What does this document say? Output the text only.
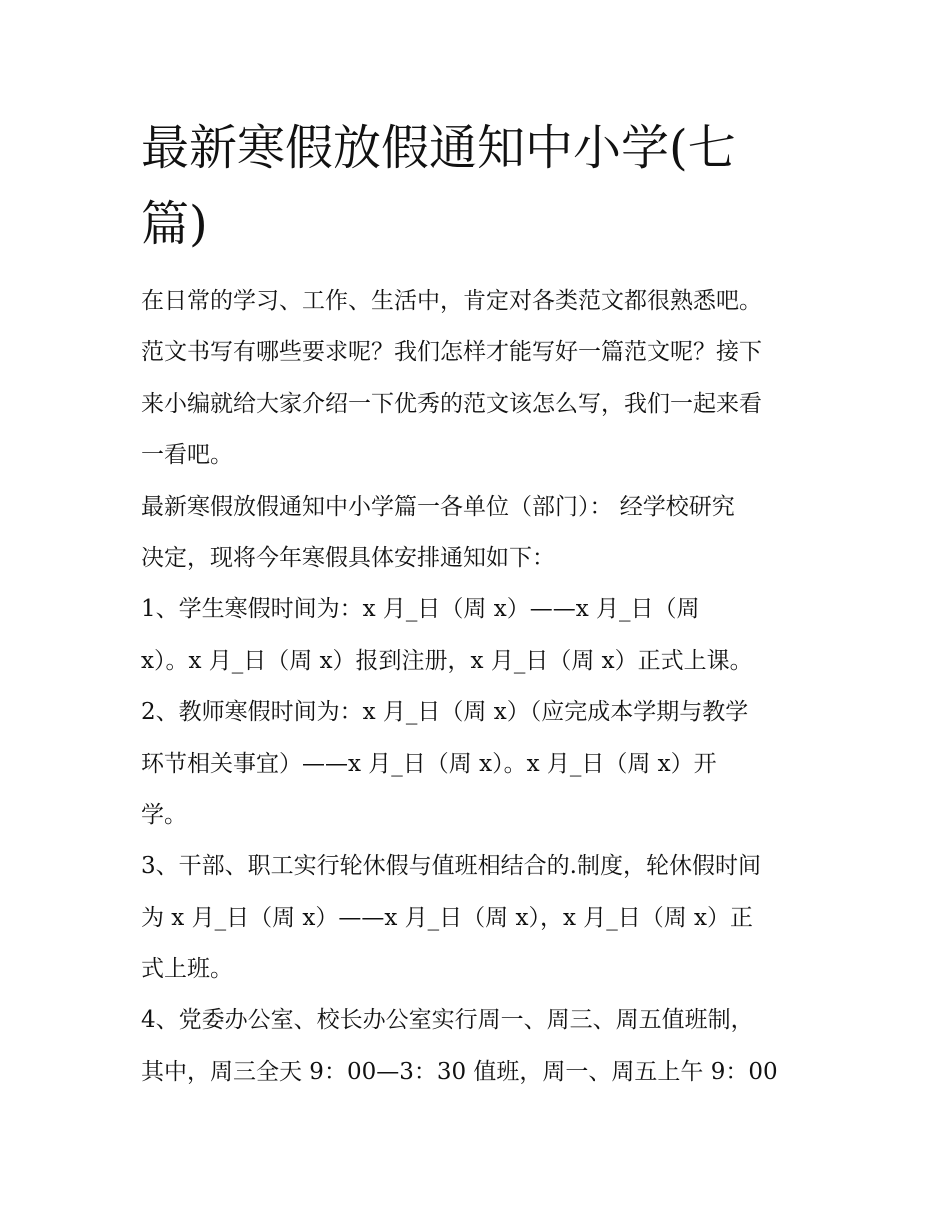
最新寒假放假通知中小学(七
篇)
在日常的学习、工作、生活中，肯定对各类范文都很熟悉吧。
范文书写有哪些要求呢？我们怎样才能写好一篇范文呢？接下
来小编就给大家介绍一下优秀的范文该怎么写，我们一起来看
一看吧。
最新寒假放假通知中小学篇一各单位（部门）： 经学校研究
决定，现将今年寒假具体安排通知如下：
1、学生寒假时间为：x 月_日（周 x）——x 月_日（周
x）。x 月_日（周 x）报到注册，x 月_日（周 x）正式上课。
2、教师寒假时间为：x 月_日（周 x）（应完成本学期与教学
环节相关事宜）——x 月_日（周 x）。x 月_日（周 x）开
学。
3、干部、职工实行轮休假与值班相结合的.制度，轮休假时间
为 x 月_日（周 x）——x 月_日（周 x），x 月_日（周 x）正
式上班。
4、党委办公室、校长办公室实行周一、周三、周五值班制，
其中，周三全天 9：00—3：30 值班，周一、周五上午 9：00
